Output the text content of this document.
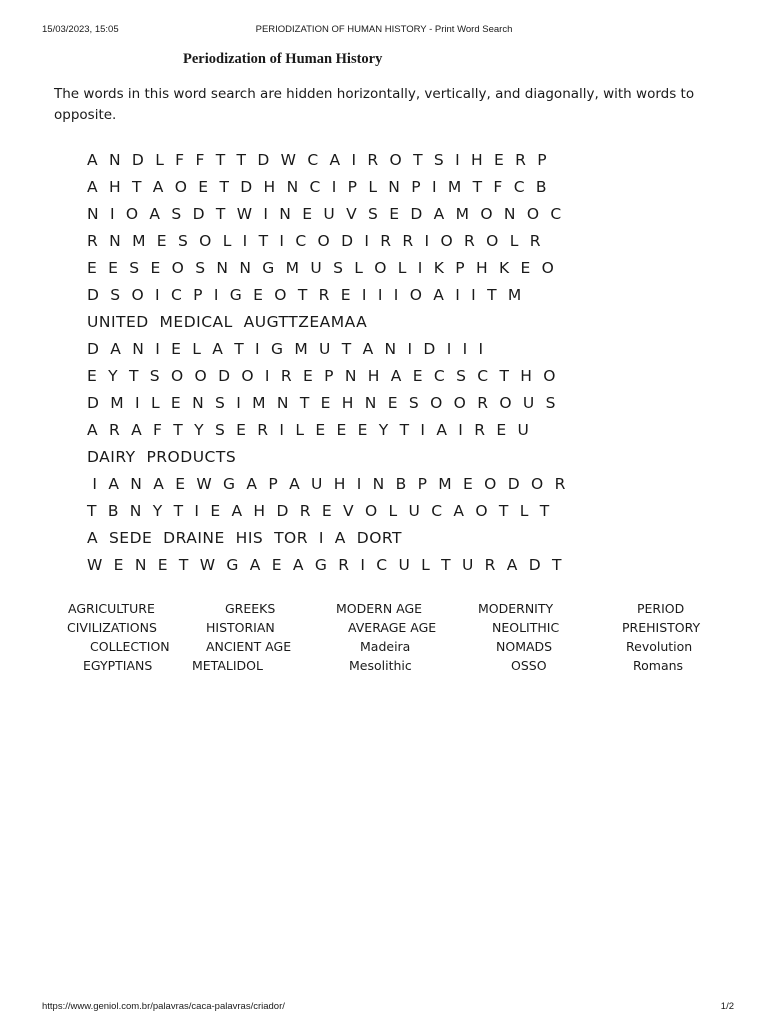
15/03/2023, 15:05	PERIODIZATION OF HUMAN HISTORY - Print Word Search
Periodization of Human History
The words in this word search are hidden horizontally, vertically, and diagonally, with words to opposite.
A  N  D  L  F  F  T  T  D  W  C  A  I  R  O  T  S  I  H  E  R  P
A  H  T  A  O  E  T  D  H  N  C  I  P  L  N  P  I  M  T  F  C  B
N  I  O  A  S  D  T  W  I  N  E  U  V  S  E  D  A  M  O  N  O  C
R  N  M  E  S  O  L  I  T  I  C  O  D  I  R  R  I  O  R  O  L  R
E  E  S  E  O  S  N  N  G  M  U  S  L  O  L  I  K  P  H  K  E  O
D  S  O  I  C  P  I  G  E  O  T  R  E  I  I  I  O  A  I  I  T  M
UNITED  MEDICAL  AUGTTZEAMAA
D  A  N  I  E  L  A  T  I  G  M  U  T  A  N  I  D  I  I  I
E  Y  T  S  O  O  D  O  I  R  E  P  N  H  A  E  C  S  C  T  H  O
D  M  I  L  E  N  S  I  M  N  T  E  H  N  E  S  O  O  R  O  U  S
A  R  A  F  T  Y  S  E  R  I  L  E  E  E  Y  T  I  A  I  R  E  U
DAIRY  PRODUCTS
I  A  N  A  E  W  G  A  P  A  U  H  I  N  B  P  M  E  O  D  O  R
T  B  N  Y  T  I  E  A  H  D  R  E  V  O  L  U  C  A  O  T  L  T
A  SEDE  DRAINE  HIS  TOR  I  A  DORT
W  E  N  E  T  W  G  A  E  A  G  R  I  C  U  L  T  U  R  A  D  T
AGRICULTURE	GREEKS	MODERN AGE	MODERNITY	PERIOD
CIVILIZATIONS	HISTORIAN	AVERAGE AGE	NEOLITHIC	PREHISTORY
COLLECTION	ANCIENT AGE	Madeira	NOMADS	Revolution
EGYPTIANS	METALIDOL	Mesolithic	OSSO	Romans
https://www.geniol.com.br/palavras/caca-palavras/criador/	1/2
